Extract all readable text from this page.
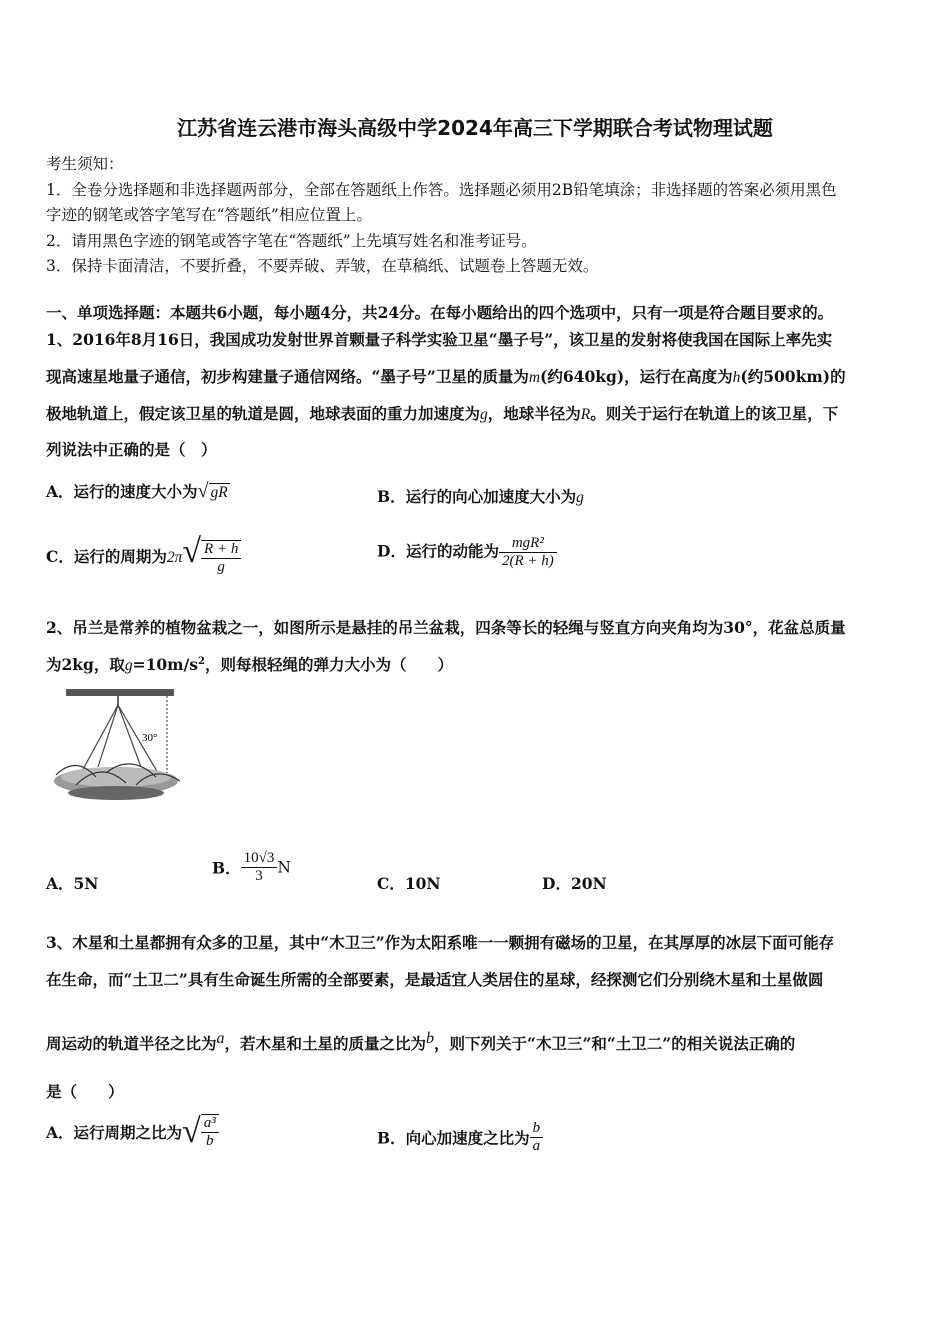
江苏省连云港市海头高级中学2024年高三下学期联合考试物理试题
考生须知：
1．全卷分选择题和非选择题两部分，全部在答题纸上作答。选择题必须用2B铅笔填涂；非选择题的答案必须用黑色
字迹的钢笔或答字笔写在“答题纸”相应位置上。
2．请用黑色字迹的钢笔或答字笔在“答题纸”上先填写姓名和准考证号。
3．保持卡面清洁，不要折叠，不要弄破、弄皱，在草稿纸、试题卷上答题无效。
一、单项选择题：本题共6小题，每小题4分，共24分。在每小题给出的四个选项中，只有一项是符合题目要求的。
1、2016年8月16日，我国成功发射世界首颗量子科学实验卫星“墨子号”，该卫星的发射将使我国在国际上率先实
现高速星地量子通信，初步构建量子通信网络。“墨子号”卫星的质量为m(约640kg)，运行在高度为h(约500km)的
极地轨道上，假定该卫星的轨道是圆，地球表面的重力加速度为g，地球半径为R。则关于运行在轨道上的该卫星，下
列说法中正确的是（　）
A．运行的速度大小为√ gR	B．运行的向心加速度大小为g
C．运行的周期为$2\pi√ \frac{R + h}{g}$	D．运行的动能为 $\frac{\text{mgR²}}{2(R + h)}$
2、吊兰是常养的植物盆栽之一，如图所示是悬挂的吊兰盆栽，四条等长的轻绳与竖直方向夹角均为30°，花盆总质量
为2kg，取$g=10m/s^2$，则每根轻绳的弹力大小为（　　）
30°
A．5N
B． $\frac{10√3}{3}$ N
C．10N	D．20N
3、木星和土星都拥有众多的卫星，其中“木卫三”作为太阳系唯一一颗拥有磁场的卫星，在其厚厚的冰层下面可能存
在生命，而“土卫二”具有生命诞生所需的全部要素，是最适宜人类居住的星球，经探测它们分别绕木星和土星做圆
周运动的轨道半径之比为a，若木星和土星的质量之比为b，则下列关于“木卫三”和“土卫二”的相关说法正确的
是（　　）
A．运行周期之比为√ $\frac{\text{a³}}{b}$	B．向心加速度之比为 $\frac{b}{a}$
